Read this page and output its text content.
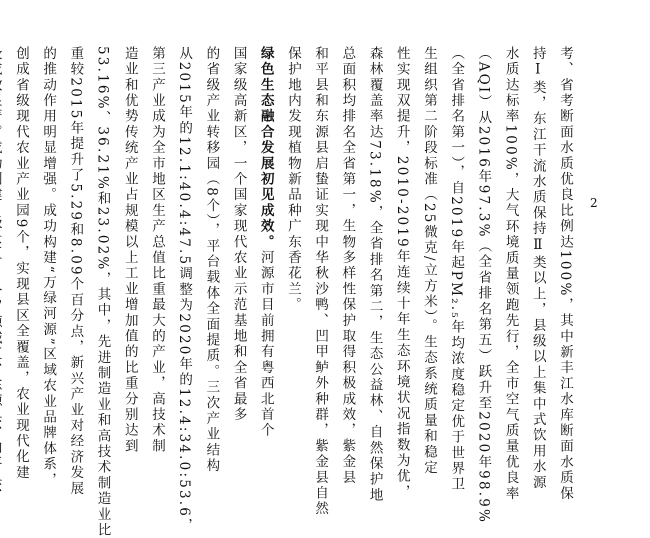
考、省考断面水质优良比例达100%，其中新丰江水库断面水质保
持Ⅰ类，东江干流水质保持Ⅱ类以上，县级以上集中式饮用水源
水质达标率100%，大气环境质量领跑先行，全市空气质量优良率
（AQI）从2016年97.3%（全省排名第五）跃升至2020年98.9%
（全省排名第一），自2019年起PM₂.₅年均浓度稳定优于世界卫
生组织第二阶段标准（25微克/立方米）。生态系统质量和稳定
性实现双提升，2010-2019年连续十年生态环境状况指数为优，
森林覆盖率达73.18%，全省排名第二，生态公益林、自然保护地
总面积均排名全省第一，生物多样性保护取得积极成效，紫金县
和平县和东源县启蛰证实现中华秋沙鸭、凹甲鲈外种群，紫金县自然
保护地内发现植物新品种广东香花兰。
绿色生态融合发展初见成效。河源市目前拥有粤西北首个
国家级高新区，一个国家现代农业示范基地和全省最多
的省级产业转移园（8个），平台载体全面提质。三次产业结构
从2015年的12.1:40.4:47.5调整为2020年的12.4:34.0:53.6，
第三产业成为全市地区生产总值比重最大的产业，高技术制
造业和优势传统产业占规模以上工业增加值的比重分别达到
53.16%、36.21%和23.02%，其中，先进制造业和高技术制造业比
重较2015年提升了5.29和8.09个百分点，新兴产业对经济发展
的推动作用明显增强。成功构建“万绿河源”区域农业品牌体系，
创成省级现代农业产业园9个，实现县区全覆盖，农业现代化建	2
